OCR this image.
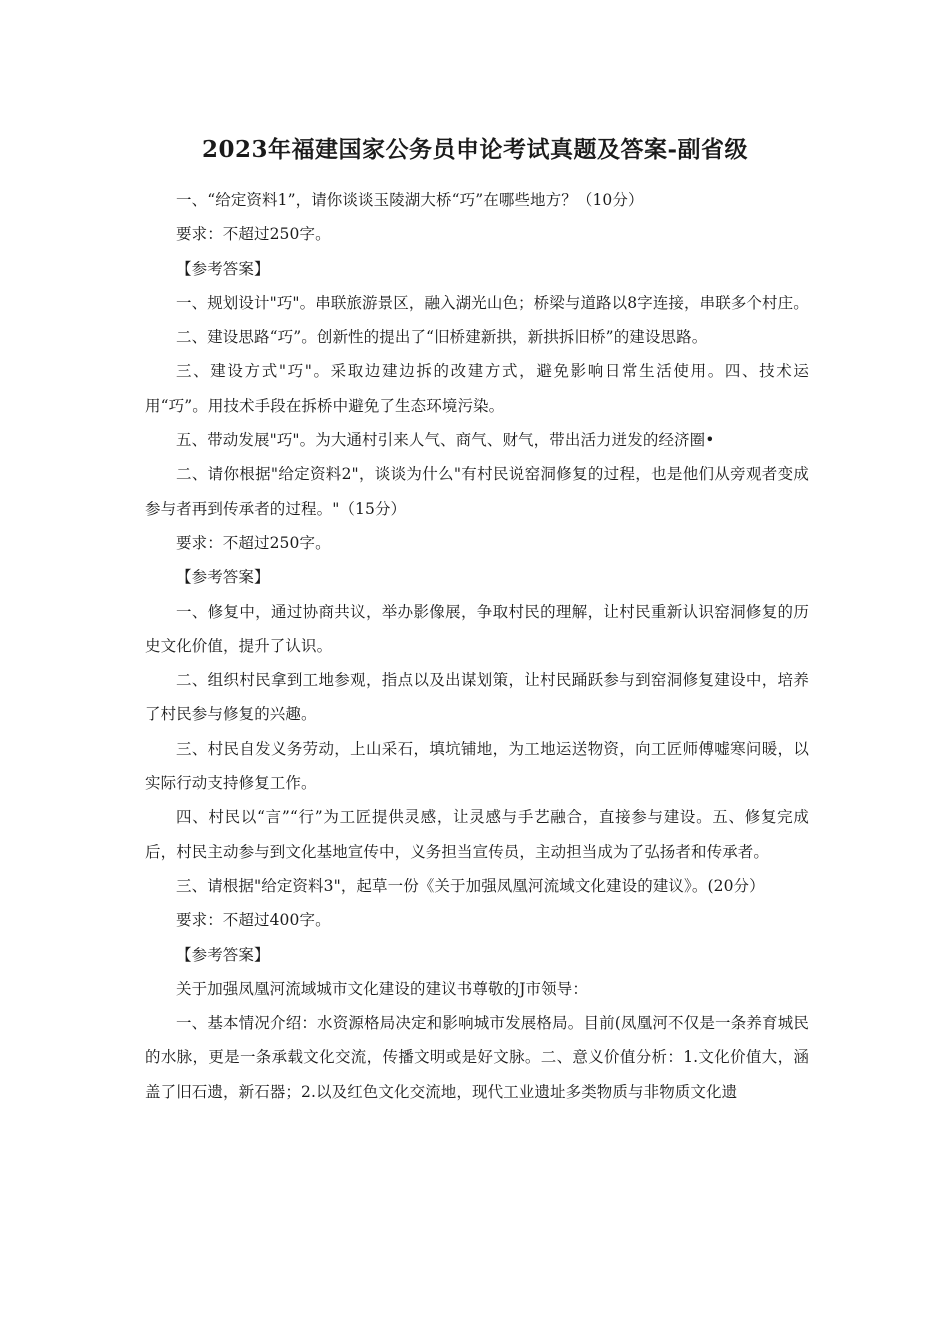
2023年福建国家公务员申论考试真题及答案-副省级

一、“给定资料1”，请你谈谈玉陵湖大桥“巧”在哪些地方？（10分）

要求：不超过250字。

【参考答案】

一、规划设计"巧"。串联旅游景区，融入湖光山色；桥梁与道路以8字连接，串联多个村庄。

二、建设思路“巧”。创新性的提出了“旧桥建新拱，新拱拆旧桥”的建设思路。

三、建设方式"巧"。采取边建边拆的改建方式，避免影响日常生活使用。四、技术运用“巧”。用技术手段在拆桥中避免了生态环境污染。

五、带动发展"巧"。为大通村引来人气、商气、财气，带出活力迸发的经济圈•

二、请你根据"给定资料2"，谈谈为什么"有村民说窑洞修复的过程，也是他们从旁观者变成参与者再到传承者的过程。"（15分）

要求：不超过250字。

【参考答案】

一、修复中，通过协商共议，举办影像展，争取村民的理解，让村民重新认识窑洞修复的历史文化价值，提升了认识。

二、组织村民拿到工地参观，指点以及出谋划策，让村民踊跃参与到窑洞修复建设中，培养了村民参与修复的兴趣。

三、村民自发义务劳动，上山采石，填坑铺地，为工地运送物资，向工匠师傅嘘寒问暖，以实际行动支持修复工作。

四、村民以“言”“行”为工匠提供灵感，让灵感与手艺融合，直接参与建设。五、修复完成后，村民主动参与到文化基地宣传中，义务担当宣传员，主动担当成为了弘扬者和传承者。

三、请根据"给定资料3"，起草一份《关于加强凤凰河流域文化建设的建议》。(20分）

要求：不超过400字。

【参考答案】

关于加强凤凰河流域城市文化建设的建议书尊敬的J市领导：

一、基本情况介绍：水资源格局决定和影响城市发展格局。目前(凤凰河不仅是一条养育城民的水脉，更是一条承载文化交流，传播文明或是好文脉。二、意义价值分析：1.文化价值大，涵盖了旧石遗，新石器；2.以及红色文化交流地，现代工业遗址多类物质与非物质文化遗
